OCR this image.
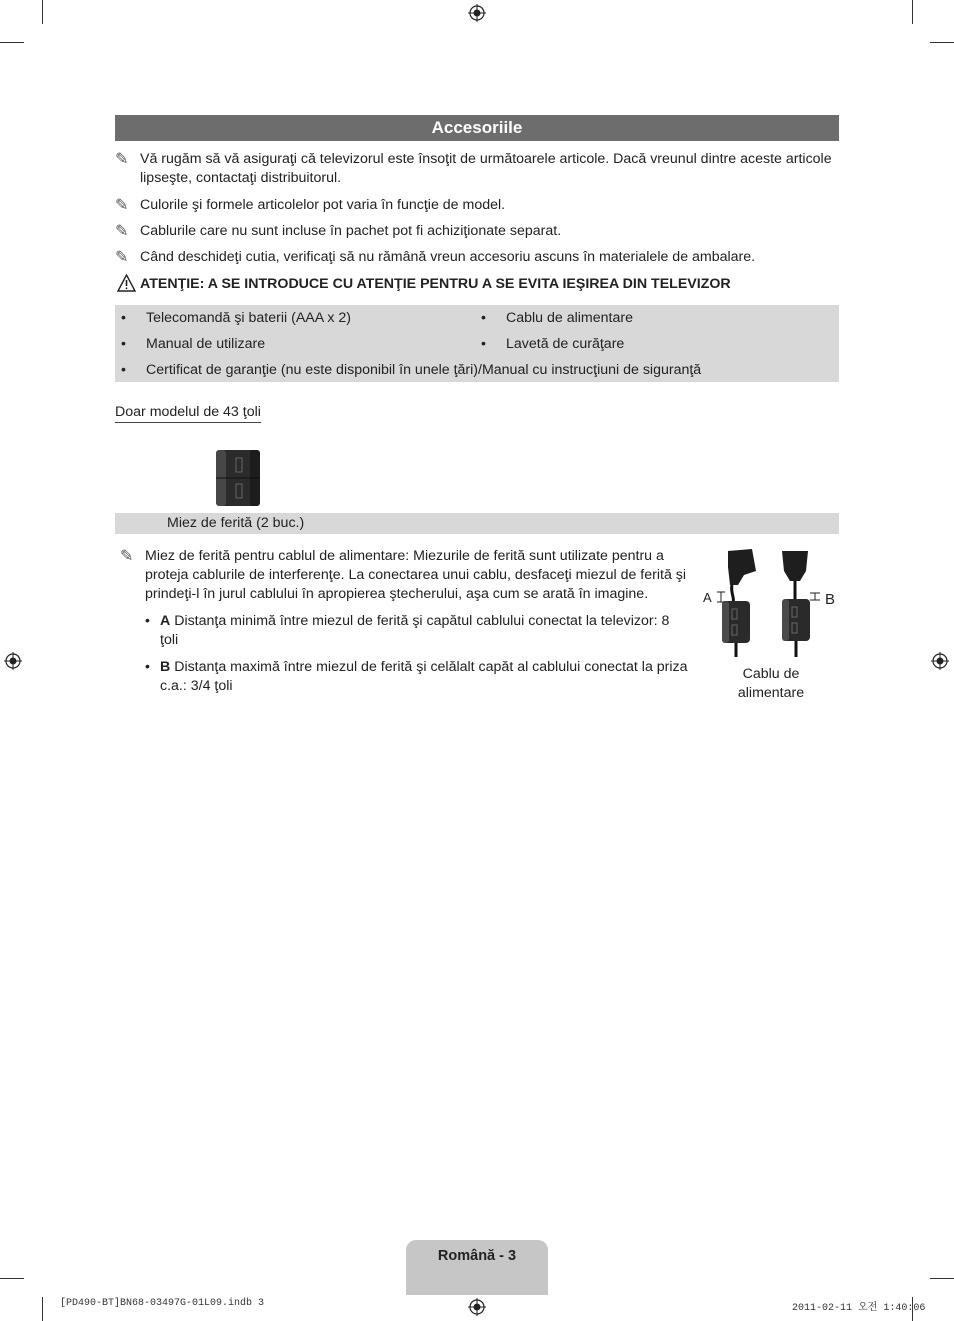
Accesoriile
✎ Vă rugăm să vă asiguraţi că televizorul este însoţit de următoarele articole. Dacă vreunul dintre aceste articole lipseşte, contactaţi distribuitorul.
✎ Culorile şi formele articolelor pot varia în funcţie de model.
✎ Cablurile care nu sunt incluse în pachet pot fi achiziţionate separat.
✎ Când deschideţi cutia, verificaţi să nu rămână vreun accesoriu ascuns în materialele de ambalare.
ATENŢIE: A SE INTRODUCE CU ATENŢIE PENTRU A SE EVITA IEŞIREA DIN TELEVIZOR
• Telecomandă şi baterii (AAA x 2)	• Cablu de alimentare
• Manual de utilizare	• Lavetă de curăţare
• Certificat de garanţie (nu este disponibil în unele ţări)/Manual cu instrucţiuni de siguranţă
Doar modelul de 43 ţoli
Miez de ferită (2 buc.)
✎ Miez de ferită pentru cablul de alimentare: Miezurile de ferită sunt utilizate pentru a proteja cablurile de interferenţe. La conectarea unui cablu, desfaceţi miezul de ferită şi prindeţi-l în jurul cablului în apropierea ştecherului, aşa cum se arată în imagine.
• A Distanţa minimă între miezul de ferită şi capătul cablului conectat la televizor: 8 ţoli
• B Distanţa maximă între miezul de ferită şi celălalt capăt al cablului conectat la priza c.a.: 3/4 ţoli
A	B
Cablu de
alimentare
Română - 3
[PD490-BT]BN68-03497G-01L09.indb 3	2011-02-11 오전 1:40:06
